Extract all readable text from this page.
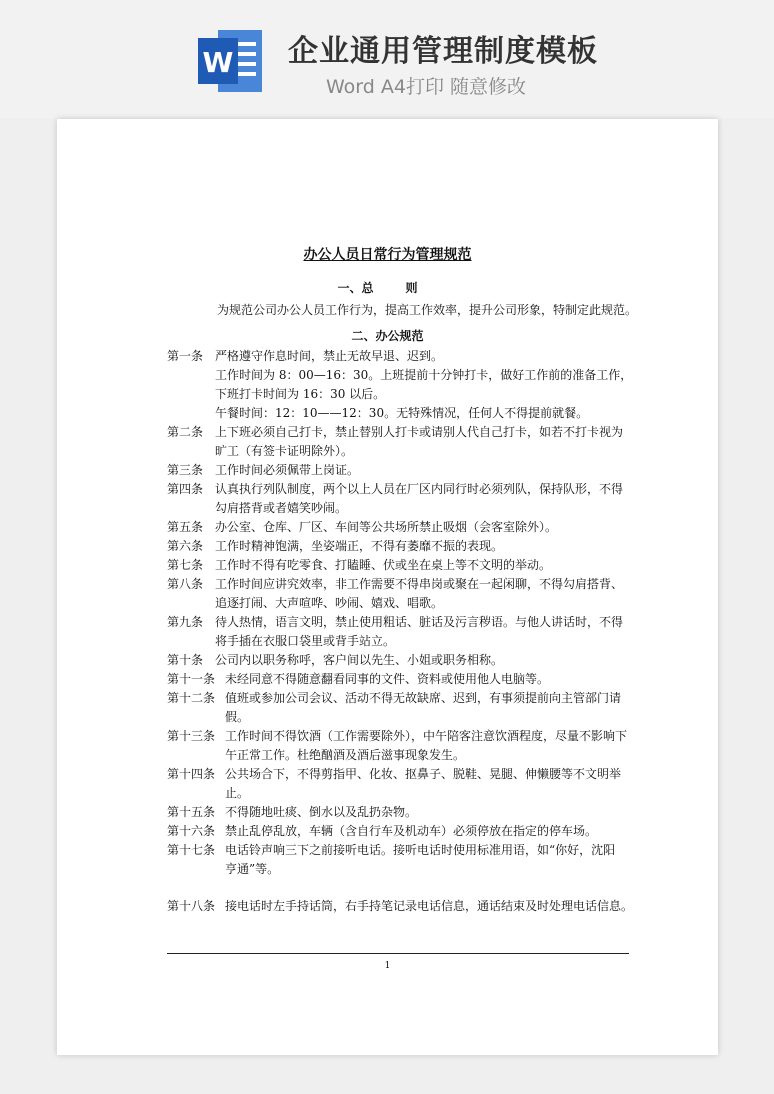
W 企业通用管理制度模板
Word A4打印 随意修改
办公人员日常行为管理规范
一、总	则
为规范公司办公人员工作行为，提高工作效率，提升公司形象，特制定此规范。
二、办公规范
第一条 严格遵守作息时间，禁止无故早退、迟到。
工作时间为 8：00—16：30。上班提前十分钟打卡，做好工作前的准备工作，
下班打卡时间为 16：30 以后。
午餐时间：12：10——12：30。无特殊情况，任何人不得提前就餐。
第二条 上下班必须自己打卡，禁止替别人打卡或请别人代自己打卡，如若不打卡视为
旷工（有签卡证明除外）。
第三条 工作时间必须佩带上岗证。
第四条 认真执行列队制度，两个以上人员在厂区内同行时必须列队，保持队形，不得
勾肩搭背或者嬉笑吵闹。
第五条 办公室、仓库、厂区、车间等公共场所禁止吸烟（会客室除外）。
第六条 工作时精神饱满，坐姿端正，不得有萎靡不振的表现。
第七条 工作时不得有吃零食、打瞌睡、伏或坐在桌上等不文明的举动。
第八条 工作时间应讲究效率，非工作需要不得串岗或聚在一起闲聊，不得勾肩搭背、
追逐打闹、大声喧哗、吵闹、嬉戏、唱歌。
第九条 待人热情，语言文明，禁止使用粗话、脏话及污言秽语。与他人讲话时，不得
将手插在衣服口袋里或背手站立。
第十条 公司内以职务称呼，客户间以先生、小姐或职务相称。
第十一条 未经同意不得随意翻看同事的文件、资料或使用他人电脑等。
第十二条 值班或参加公司会议、活动不得无故缺席、迟到，有事须提前向主管部门请
假。
第十三条 工作时间不得饮酒（工作需要除外），中午陪客注意饮酒程度，尽量不影响下
午正常工作。杜绝酗酒及酒后滋事现象发生。
第十四条 公共场合下，不得剪指甲、化妆、抠鼻子、脱鞋、晃腿、伸懒腰等不文明举
止。
第十五条 不得随地吐痰、倒水以及乱扔杂物。
第十六条 禁止乱停乱放，车辆（含自行车及机动车）必须停放在指定的停车场。
第十七条 电话铃声响三下之前接听电话。接听电话时使用标准用语，如“你好，沈阳
亨通”等。
第十八条 接电话时左手持话筒，右手持笔记录电话信息，通话结束及时处理电话信息。
1
